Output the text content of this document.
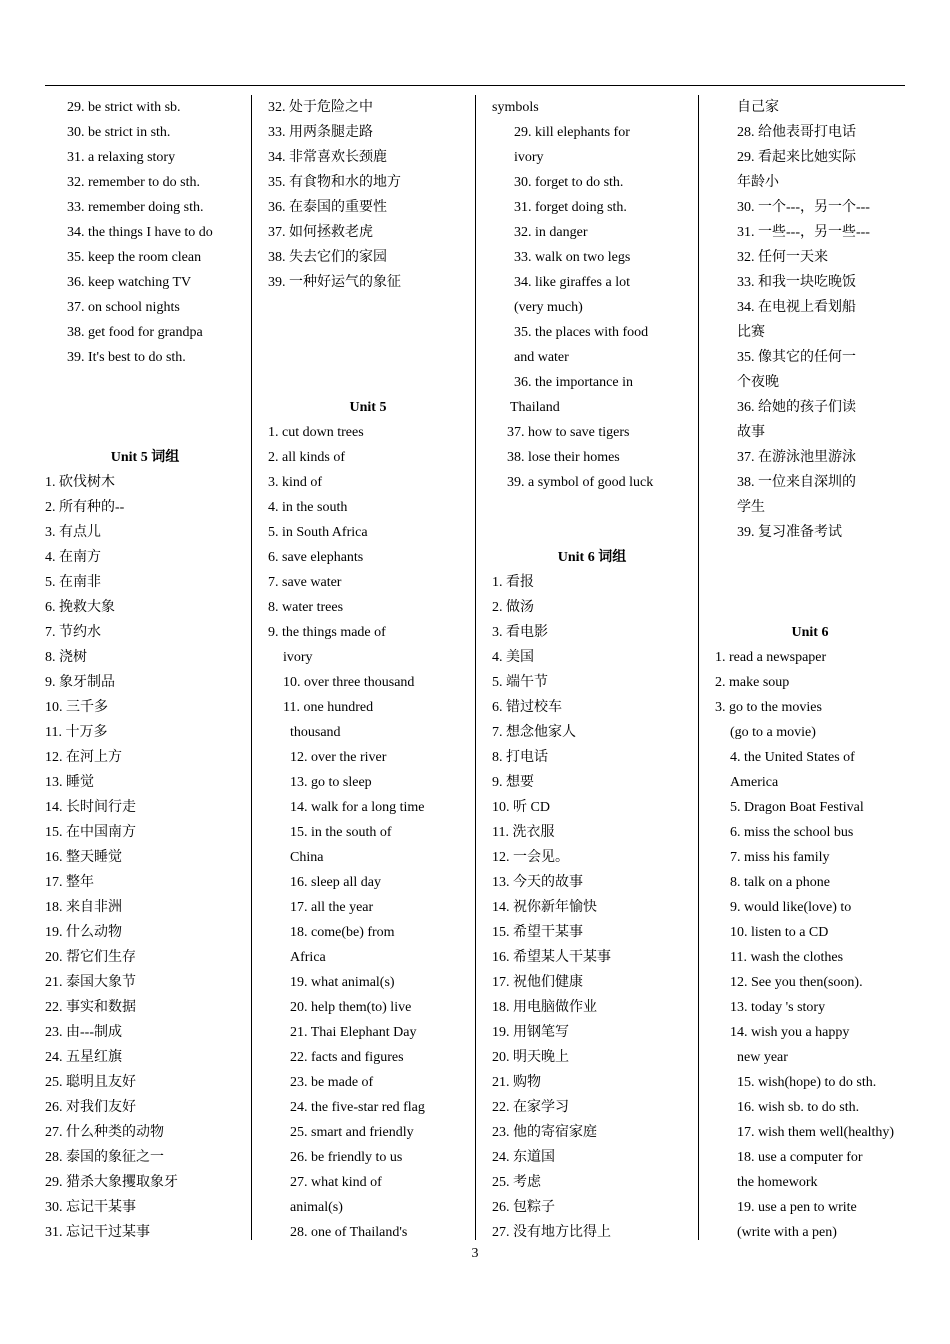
29. be strict with sb.
30. be strict in sth.
31. a relaxing story
32. remember to do sth.
33. remember doing sth.
34. the things I have to do
35. keep the room clean
36. keep watching TV
37. on school nights
38. get food for grandpa
39. It's best to do sth.
Unit 5 词组
1. 砍伐树木
2. 所有种的--
3. 有点儿
4. 在南方
5. 在南非
6. 挽救大象
7. 节约水
8. 浇树
9. 象牙制品
10. 三千多
11. 十万多
12. 在河上方
13. 睡觉
14. 长时间行走
15. 在中国南方
16. 整天睡觉
17. 整年
18. 来自非洲
19. 什么动物
20. 帮它们生存
21. 泰国大象节
22. 事实和数据
23. 由---制成
24. 五星红旗
25. 聪明且友好
26. 对我们友好
27. 什么种类的动物
28. 泰国的象征之一
29. 猎杀大象攫取象牙
30. 忘记干某事
31. 忘记干过某事
32. 处于危险之中
33. 用两条腿走路
34. 非常喜欢长颈鹿
35. 有食物和水的地方
36. 在泰国的重要性
37. 如何拯救老虎
38. 失去它们的家园
39. 一种好运气的象征
Unit 5
1. cut down trees
2. all kinds of
3. kind of
4. in the south
5. in South Africa
6. save elephants
7. save water
8. water trees
9. the things made of
ivory
10. over three thousand
11. one hundred
thousand
12. over the river
13. go to sleep
14. walk for a long time
15. in the south of
China
16. sleep all day
17. all the year
18. come(be) from
Africa
19. what animal(s)
20. help them(to) live
21. Thai Elephant Day
22. facts and figures
23. be made of
24. the five-star red flag
25. smart and friendly
26. be friendly to us
27. what kind of
animal(s)
28. one of Thailand's
symbols
29. kill elephants for
ivory
30. forget to do sth.
31. forget doing sth.
32. in danger
33. walk on two legs
34. like giraffes a lot
(very much)
35. the places with food
and water
36. the importance in
Thailand
37. how to save tigers
38. lose their homes
39. a symbol of good luck
Unit 6 词组
1. 看报
2. 做汤
3. 看电影
4. 美国
5. 端午节
6. 错过校车
7. 想念他家人
8. 打电话
9. 想要
10. 听 CD
11. 洗衣服
12. 一会见。
13. 今天的故事
14. 祝你新年愉快
15. 希望干某事
16. 希望某人干某事
17. 祝他们健康
18. 用电脑做作业
19. 用钢笔写
20. 明天晚上
21. 购物
22. 在家学习
23. 他的寄宿家庭
24. 东道国
25. 考虑
26. 包粽子
27. 没有地方比得上
自己家
28. 给他表哥打电话
29. 看起来比她实际
年龄小
30. 一个---，另一个---
31. 一些---，另一些---
32. 任何一天来
33. 和我一块吃晚饭
34. 在电视上看划船
比赛
35. 像其它的任何一
个夜晚
36. 给她的孩子们读
故事
37. 在游泳池里游泳
38. 一位来自深圳的
学生
39. 复习准备考试
Unit 6
1. read a newspaper
2. make soup
3. go to the movies
(go to a movie)
4. the United States of
America
5. Dragon Boat Festival
6. miss the school bus
7. miss his family
8. talk on a phone
9. would like(love) to
10. listen to a CD
11. wash the clothes
12. See you then(soon).
13. today 's story
14. wish you a happy
new year
15. wish(hope) to do sth.
16. wish sb. to do sth.
17. wish them well(healthy)
18. use a computer for
the homework
19. use a pen to write
(write with a pen)
3
